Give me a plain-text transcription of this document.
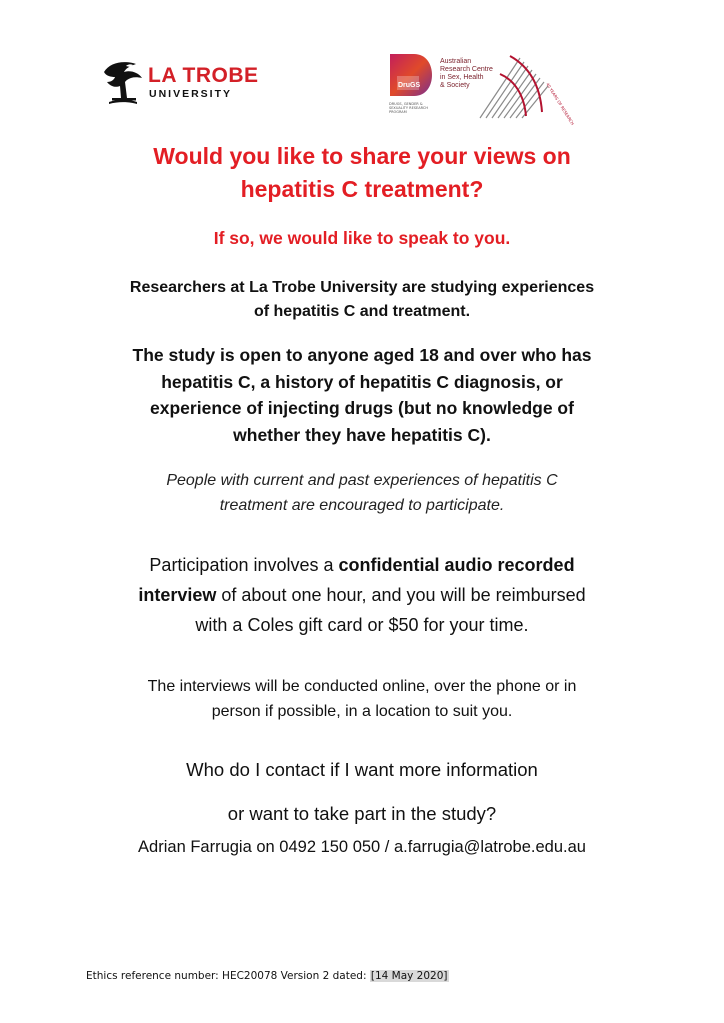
LA TROBE
UNIVERSITY
DruGS
DRUGS, GENDER & SEXUALITY RESEARCH PROGRAM
Australian
Research Centre
in Sex, Health
& Society	40 YEARS OF RESEARCH
Would you like to share your views on
hepatitis C treatment?

If so, we would like to speak to you.

Researchers at La Trobe University are studying experiences
of hepatitis C and treatment.

The study is open to anyone aged 18 and over who has
hepatitis C, a history of hepatitis C diagnosis, or
experience of injecting drugs (but no knowledge of
whether they have hepatitis C).

People with current and past experiences of hepatitis C
treatment are encouraged to participate.

Participation involves a confidential audio recorded
interview of about one hour, and you will be reimbursed
with a Coles gift card or $50 for your time.

The interviews will be conducted online, over the phone or in
person if possible, in a location to suit you.

Who do I contact if I want more information
or want to take part in the study?

Adrian Farrugia on 0492 150 050 / a.farrugia@latrobe.edu.au

Ethics reference number: HEC20078 Version 2 dated: [14 May 2020]
